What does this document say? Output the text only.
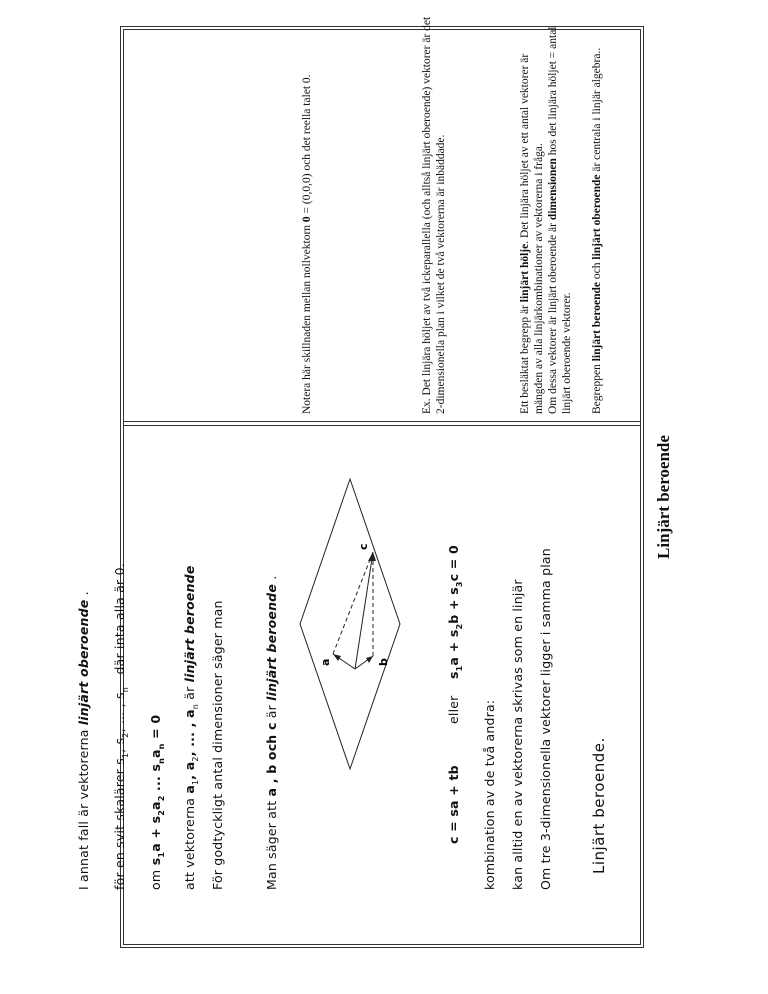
Linjärt beroende
Linjärt beroende.
Om tre 3-dimensionella vektorer ligger i samma plan
kan alltid en av vektorerna skrivas som en linjär
kombination av de två andra:
c = sa + tb
eller
$s_1a + s_2b + s_3c = 0$
a	b
c
Man säger att a , b och c är linjärt beroende .
För godtyckligt antal dimensioner säger man
att vektorerna $a_1$, $a_2$, ... , $a_n$ är linjärt beroende
om $s_1a + s_2a_2$ ... $s_na_n = 0$
för en svit skalärer $s_1$, $s_2$, ... , $s_n$   där inta alla är 0.
I annat fall är vektorerna linjärt oberoende .
Begreppen linjärt beroende och linjärt oberoende är centrala i linjär algebra..
Ett besläktat begrepp är linjärt hölje. Det linjära höljet av ett antal vektorer är mängden av alla linjärkombinationer av vektorerna i fråga. Om dessa vektorer är linjärt oberoende är dimensionen hos det linjära höljet = antal linjärt oberoende vektorer.
Ex. Det linjära höljet av två ickeparallella (och alltså linjärt oberoende) vektorer är det 2-dimensionella plan i vilket de två vektorerna är inbäddade.
Notera här skillnaden mellan nollvektorn 0 = (0,0,0) och det reella talet 0.
